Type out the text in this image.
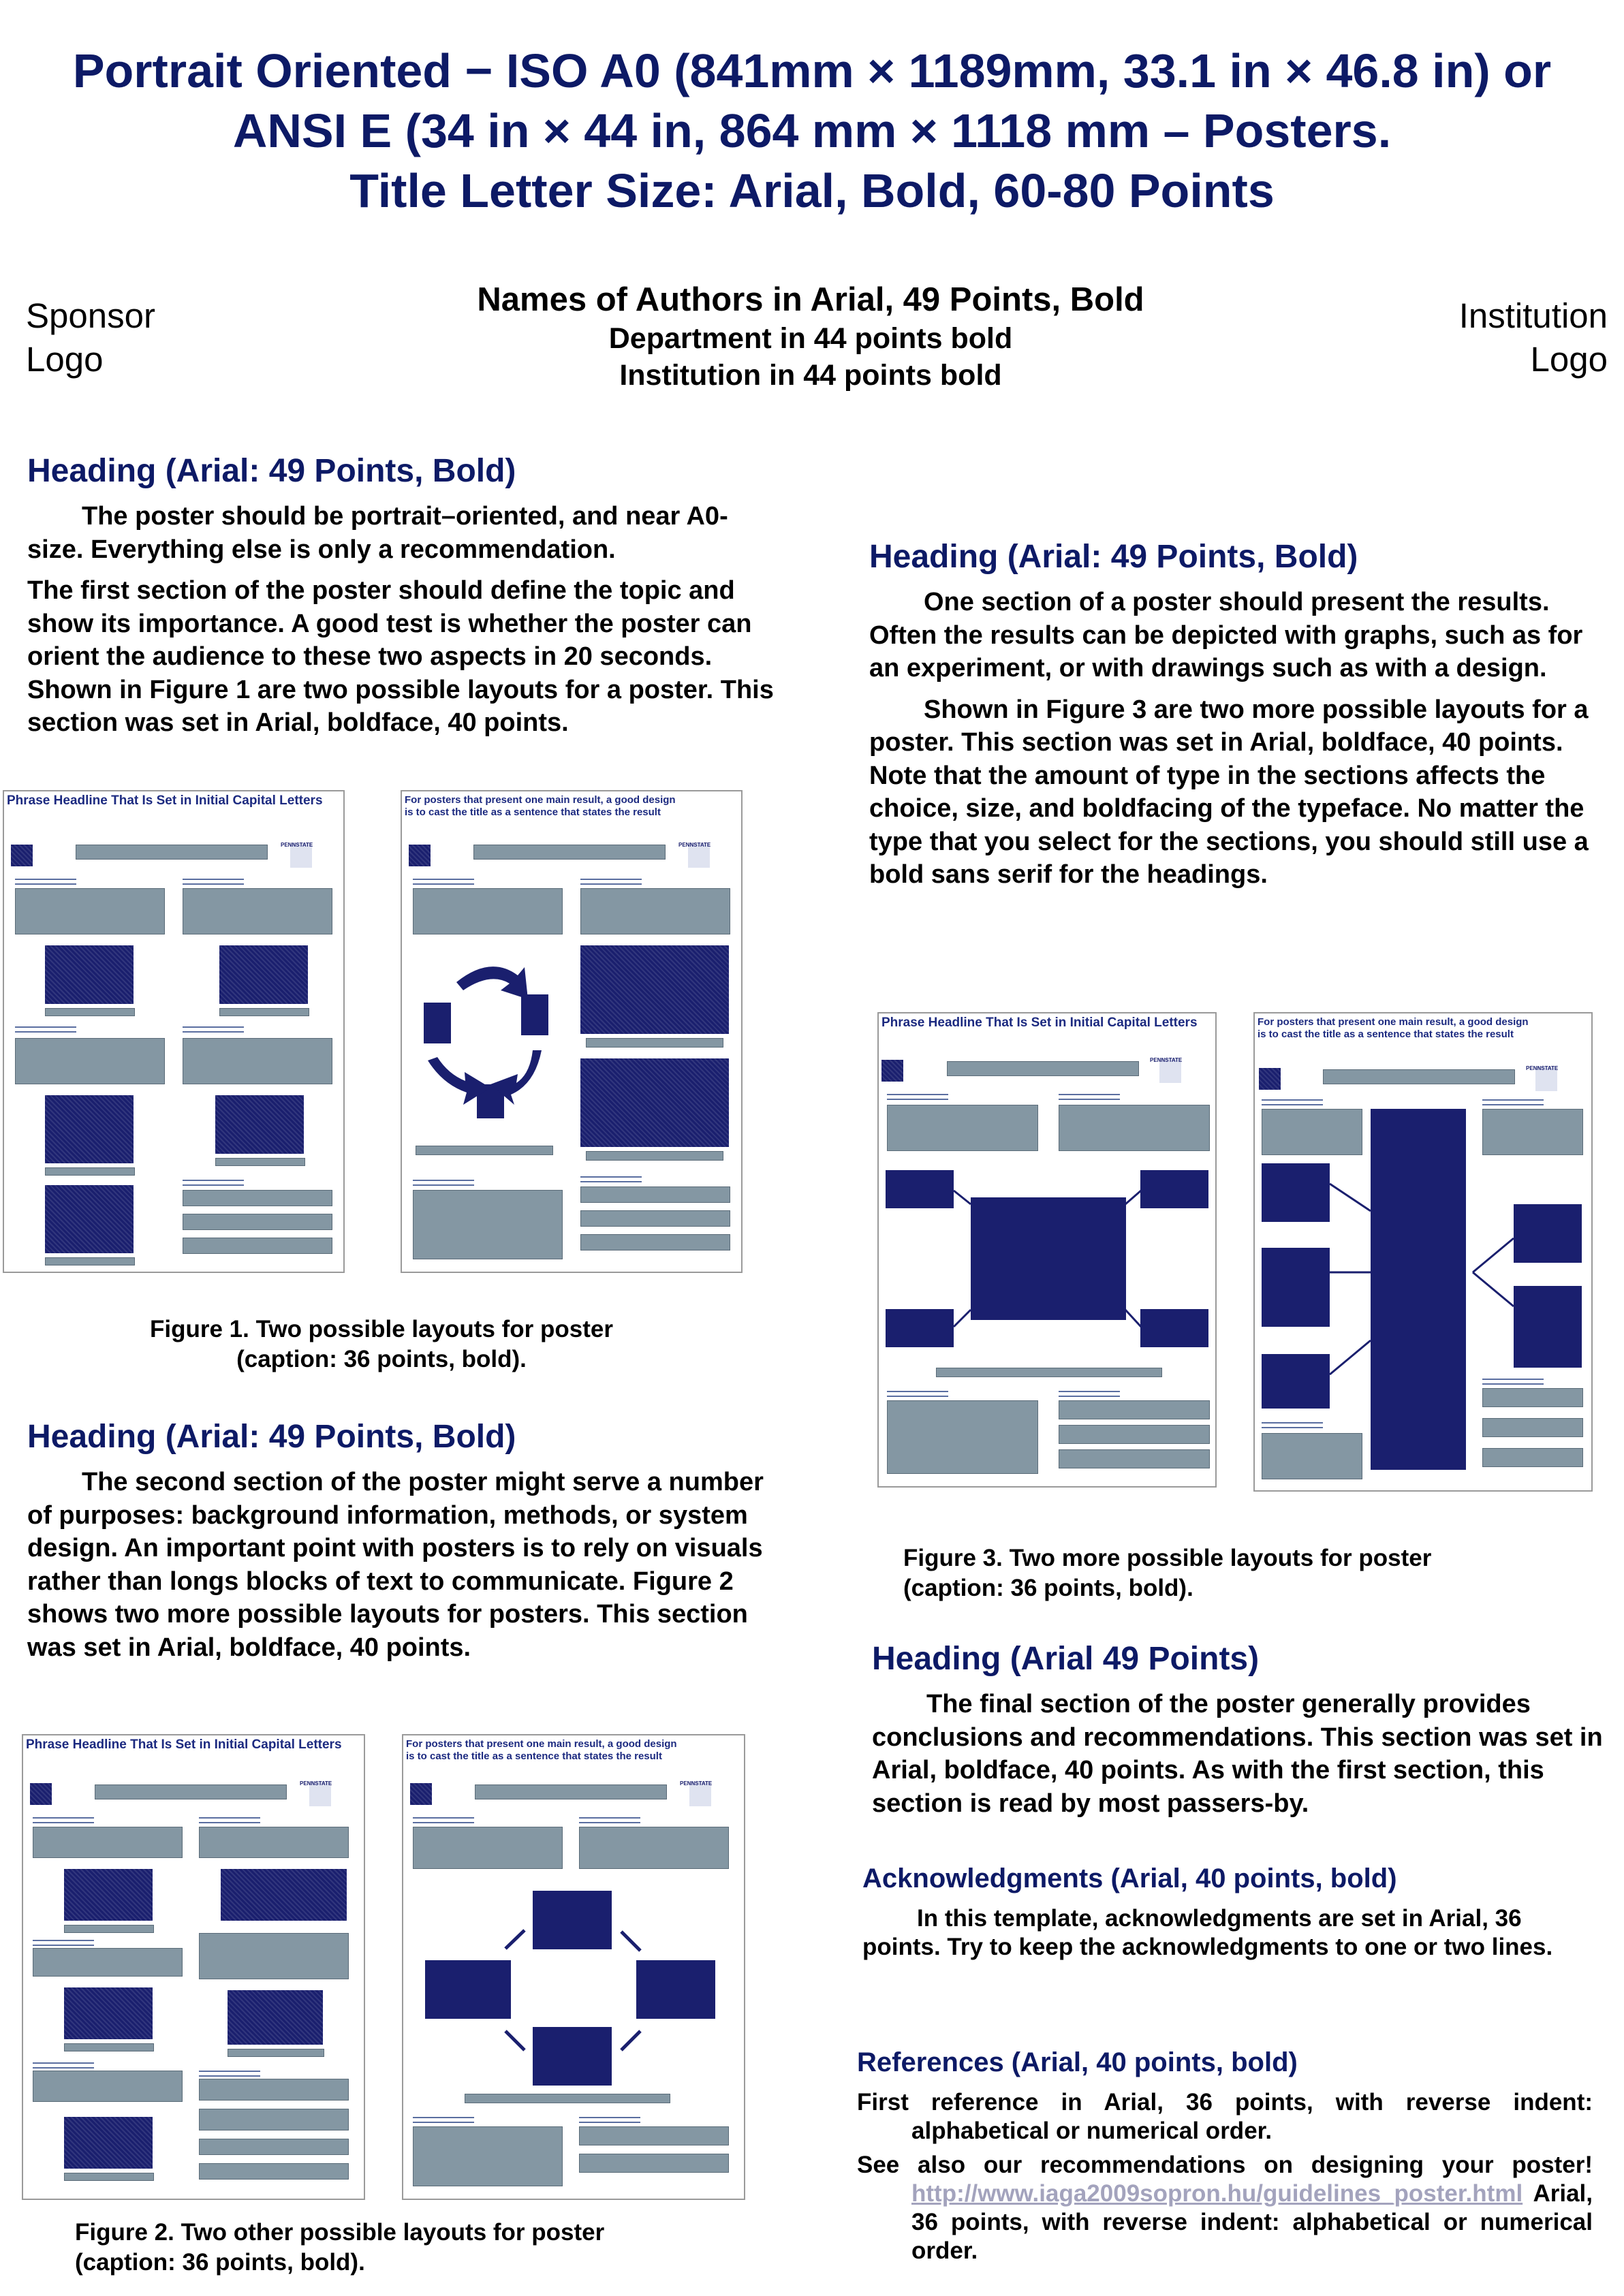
Portrait Oriented − ISO A0 (841mm × 1189mm, 33.1 in × 46.8 in) or
ANSI E (34 in × 44 in, 864 mm × 1118 mm – Posters.
Title Letter Size: Arial, Bold, 60-80 Points
Sponsor
Logo
Institution
Logo
Names of Authors in Arial, 49 Points, Bold
Department in 44 points bold
Institution in 44 points bold
Heading (Arial: 49 Points, Bold)

The poster should be portrait–oriented, and near A0-size. Everything else is only a recommendation.

The first section of the poster should define the topic and show its importance. A good test is whether the poster can orient the audience to these two aspects in 20 seconds. Shown in Figure 1 are two possible layouts for a poster. This section was set in Arial, boldface, 40 points.

Phrase Headline That Is Set in Initial Capital Letters
PENNSTATE
For posters that present one main result, a good design is to cast the title as a sentence that states the result
PENNSTATE
Figure 1. Two possible layouts for poster
(caption: 36 points, bold).
Heading (Arial: 49 Points, Bold)

The second section of the poster might serve a number of purposes: background information, methods, or system design. An important point with posters is to rely on visuals rather than longs blocks of text to communicate. Figure 2 shows two more possible layouts for posters. This section was set in Arial, boldface, 40 points.

Phrase Headline That Is Set in Initial Capital Letters
PENNSTATE
For posters that present one main result, a good design is to cast the title as a sentence that states the result
PENNSTATE
Figure 2. Two other possible layouts for poster
(caption: 36 points, bold).
Heading (Arial: 49 Points, Bold)

One section of a poster should present the results. Often the results can be depicted with graphs, such as for an experiment, or with drawings such as with a design.

Shown in Figure 3 are two more possible layouts for a poster. This section was set in Arial, boldface, 40 points. Note that the amount of type in the sections affects the choice, size, and boldfacing of the typeface. No matter the type that you select for the sections, you should still use a bold sans serif for the headings.

Phrase Headline That Is Set in Initial Capital Letters
PENNSTATE
For posters that present one main result, a good design is to cast the title as a sentence that states the result
PENNSTATE
Figure 3. Two more possible layouts for poster
(caption: 36 points, bold).
Heading (Arial 49 Points)

The final section of the poster generally provides conclusions and recommendations. This section was set in Arial, boldface, 40 points. As with the first section, this section is read by most passers-by.

Acknowledgments (Arial, 40 points, bold)
In this template, acknowledgments are set in Arial, 36 points. Try to keep the acknowledgments to one or two lines.
References (Arial, 40 points, bold)

First reference in Arial, 36 points, with reverse indent: alphabetical or numerical order.

See also our recommendations on designing your poster! http://www.iaga2009sopron.hu/guidelines_poster.html Arial, 36 points, with reverse indent: alphabetical or numerical order.
